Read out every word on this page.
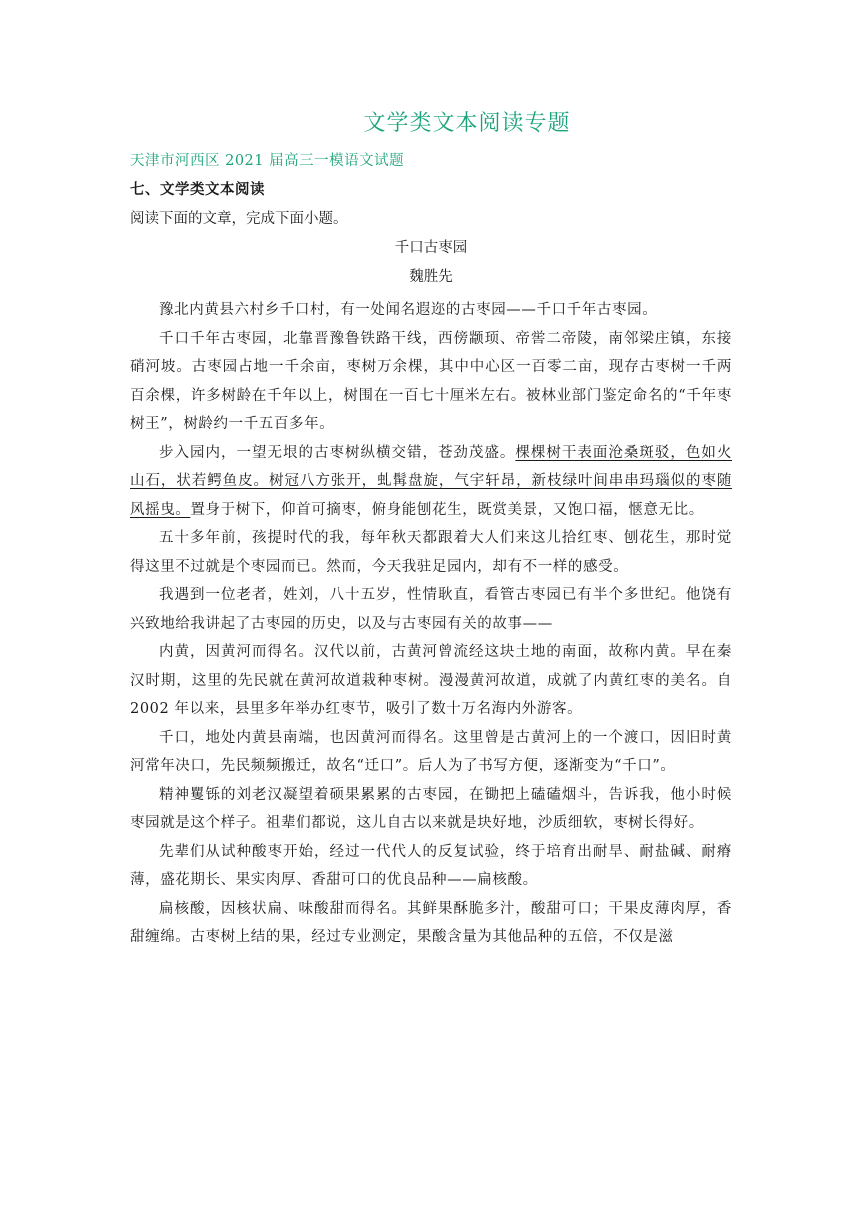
文学类文本阅读专题
天津市河西区 2021 届高三一模语文试题
七、文学类文本阅读
阅读下面的文章，完成下面小题。
千口古枣园
魏胜先

豫北内黄县六村乡千口村，有一处闻名遐迩的古枣园——千口千年古枣园。

千口千年古枣园，北靠晋豫鲁铁路干线，西傍颛顼、帝喾二帝陵，南邻梁庄镇，东接硝河坡。古枣园占地一千余亩，枣树万余棵，其中中心区一百零二亩，现存古枣树一千两百余棵，许多树龄在千年以上，树围在一百七十厘米左右。被林业部门鉴定命名的“千年枣树王”，树龄约一千五百多年。

步入园内，一望无垠的古枣树纵横交错，苍劲茂盛。棵棵树干表面沧桑斑驳，色如火山石，状若鳄鱼皮。树冠八方张开，虬髯盘旋，气宇轩昂，新枝绿叶间串串玛瑙似的枣随风摇曳。置身于树下，仰首可摘枣，俯身能刨花生，既赏美景，又饱口福，惬意无比。

五十多年前，孩提时代的我，每年秋天都跟着大人们来这儿拾红枣、刨花生，那时觉得这里不过就是个枣园而已。然而，今天我驻足园内，却有不一样的感受。

我遇到一位老者，姓刘，八十五岁，性情耿直，看管古枣园已有半个多世纪。他饶有兴致地给我讲起了古枣园的历史，以及与古枣园有关的故事——

内黄，因黄河而得名。汉代以前，古黄河曾流经这块土地的南面，故称内黄。早在秦汉时期，这里的先民就在黄河故道栽种枣树。漫漫黄河故道，成就了内黄红枣的美名。自 2002 年以来，县里多年举办红枣节，吸引了数十万名海内外游客。

千口，地处内黄县南端，也因黄河而得名。这里曾是古黄河上的一个渡口，因旧时黄河常年决口，先民频频搬迁，故名“迁口”。后人为了书写方便，逐渐变为“千口”。

精神矍铄的刘老汉凝望着硕果累累的古枣园，在锄把上磕磕烟斗，告诉我，他小时候枣园就是这个样子。祖辈们都说，这儿自古以来就是块好地，沙质细软，枣树长得好。

先辈们从试种酸枣开始，经过一代代人的反复试验，终于培育出耐旱、耐盐碱、耐瘠薄，盛花期长、果实肉厚、香甜可口的优良品种——扁核酸。

扁核酸，因核状扁、味酸甜而得名。其鲜果酥脆多汁，酸甜可口；干果皮薄肉厚，香甜缠绵。古枣树上结的果，经过专业测定，果酸含量为其他品种的五倍，不仅是滋
